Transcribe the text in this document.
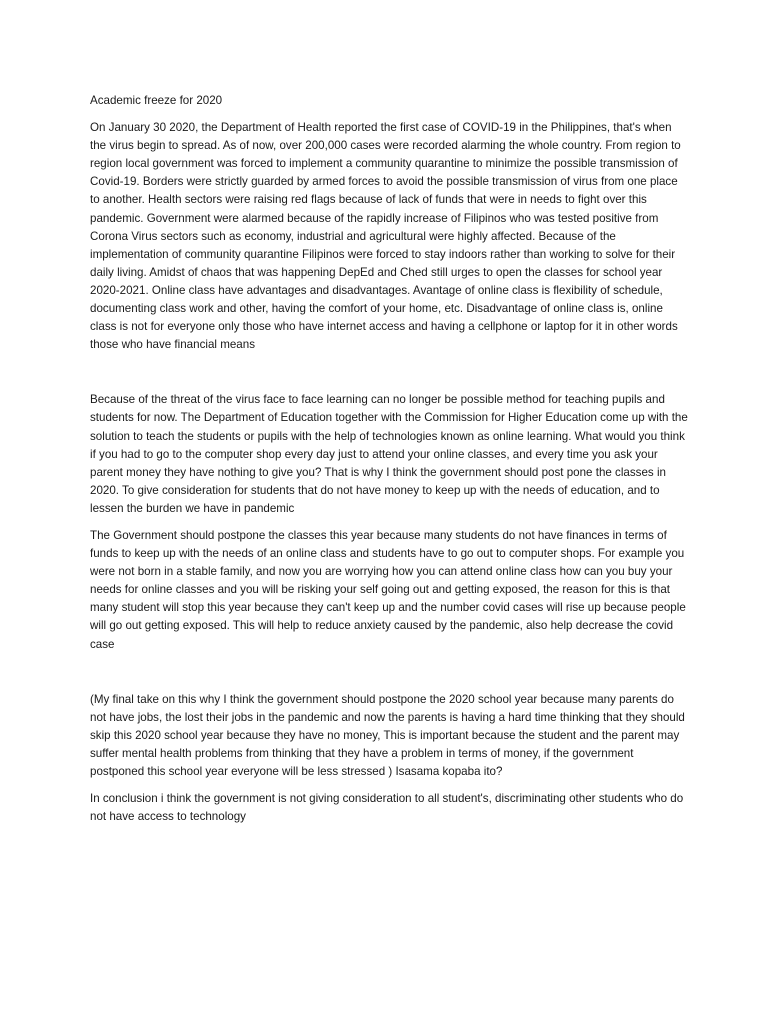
Academic freeze for 2020

On January 30 2020, the Department of Health reported the first case of COVID-19 in the Philippines, that's when the virus begin to spread. As of now, over 200,000 cases were recorded alarming the whole country. From region to region local government was forced to implement a community quarantine to minimize the possible transmission of Covid-19. Borders were strictly guarded by armed forces to avoid the possible transmission of virus from one place to another. Health sectors were raising red flags because of lack of funds that were in needs to fight over this pandemic. Government were alarmed because of the rapidly increase of Filipinos who was tested positive from Corona Virus sectors such as economy, industrial and agricultural were highly affected. Because of the implementation of community quarantine Filipinos were forced to stay indoors rather than working to solve for their daily living. Amidst of chaos that was happening DepEd and Ched still urges to open the classes for school year 2020-2021. Online class have advantages and disadvantages. Avantage of online class is flexibility of schedule, documenting class work and other, having the comfort of your home, etc. Disadvantage of online class is, online class is not for everyone only those who have internet access and having a cellphone or laptop for it in other words those who have financial means

Because of the threat of the virus face to face learning can no longer be possible method for teaching pupils and students for now. The Department of Education together with the Commission for Higher Education come up with the solution to teach the students or pupils with the help of technologies known as online learning. What would you think if you had to go to the computer shop every day just to attend your online classes, and every time you ask your parent money they have nothing to give you? That is why I think the government should post pone the classes in 2020. To give consideration for students that do not have money to keep up with the needs of education, and to lessen the burden we have in pandemic

The Government should postpone the classes this year because many students do not have finances in terms of funds to keep up with the needs of an online class and students have to go out to computer shops. For example you were not born in a stable family, and now you are worrying how you can attend online class how can you buy your needs for online classes and you will be risking your self going out and getting exposed, the reason for this is that many student will stop this year because they can't keep up and the number covid cases will rise up because people will go out getting exposed. This will help to reduce anxiety caused by the pandemic, also help decrease the covid case

(My final take on this why I think the government should postpone the 2020 school year because many parents do not have jobs, the lost their jobs in the pandemic and now the parents is having a hard time thinking that they should skip this 2020 school year because they have no money, This is important because the student and the parent may suffer mental health problems from thinking that they have a problem in terms of money, if the government postponed this school year everyone will be less stressed ) Isasama kopaba ito?

In conclusion i think the government is not giving consideration to all student's, discriminating other students who do not have access to technology
